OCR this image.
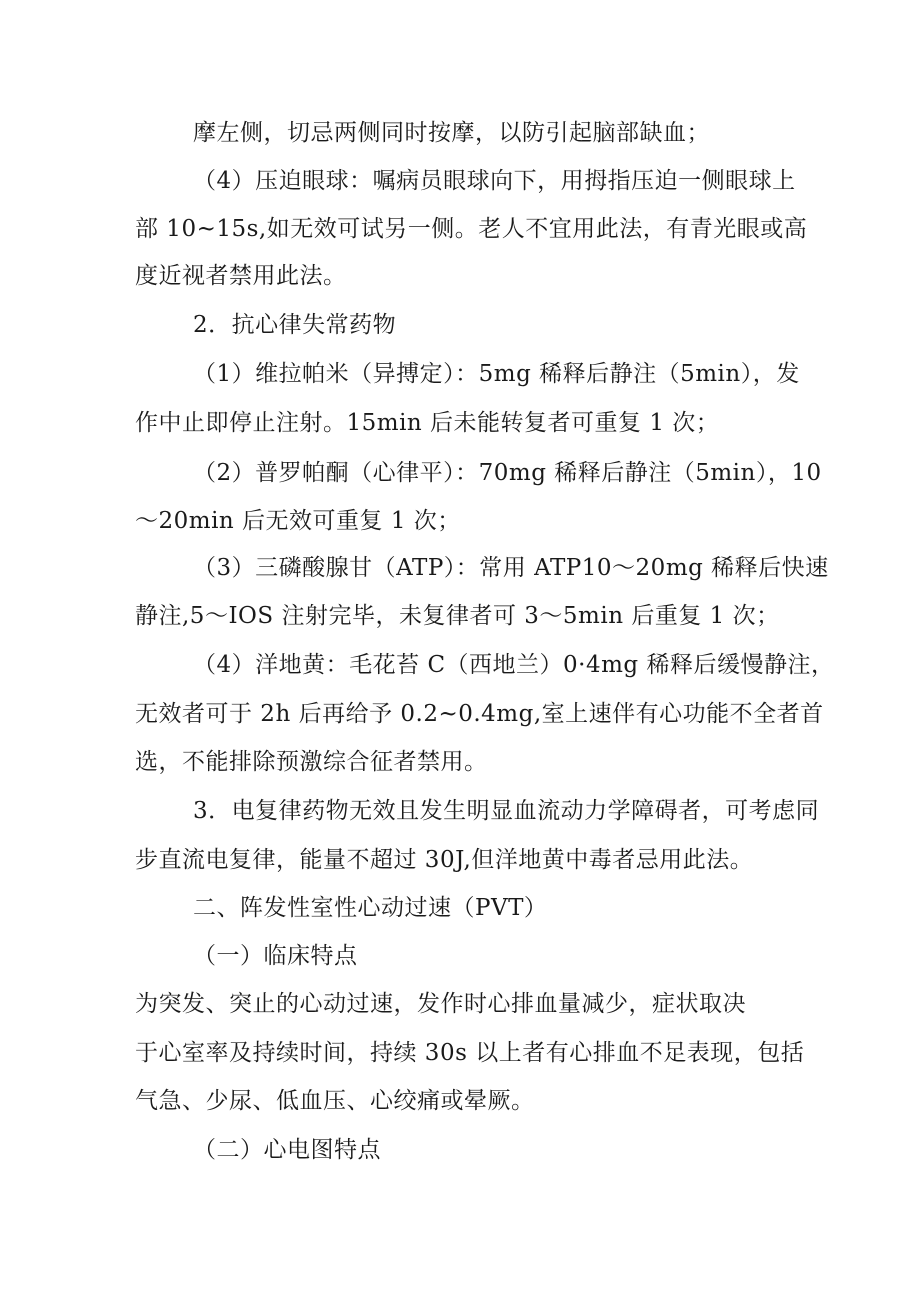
摩左侧，切忌两侧同时按摩，以防引起脑部缺血；
（4）压迫眼球：嘱病员眼球向下，用拇指压迫一侧眼球上
部 10~15s,如无效可试另一侧。老人不宜用此法，有青光眼或高
度近视者禁用此法。
2．抗心律失常药物
（1）维拉帕米（异搏定）：5mg 稀释后静注（5min），发
作中止即停止注射。15min 后未能转复者可重复 1 次；
（2）普罗帕酮（心律平）：70mg 稀释后静注（5min），10
～20min 后无效可重复 1 次；
（3）三磷酸腺甘（ATP）：常用 ATP10～20mg 稀释后快速
静注,5～IOS 注射完毕，未复律者可 3～5min 后重复 1 次；
（4）洋地黄：毛花苔 C（西地兰）0·4mg 稀释后缓慢静注，
无效者可于 2h 后再给予 0.2~0.4mg,室上速伴有心功能不全者首
选，不能排除预激综合征者禁用。
3．电复律药物无效且发生明显血流动力学障碍者，可考虑同
步直流电复律，能量不超过 30J,但洋地黄中毒者忌用此法。
二、阵发性室性心动过速（PVT）
（一）临床特点
为突发、突止的心动过速，发作时心排血量减少，症状取决
于心室率及持续时间，持续 30s 以上者有心排血不足表现，包括
气急、少尿、低血压、心绞痛或晕厥。
（二）心电图特点
